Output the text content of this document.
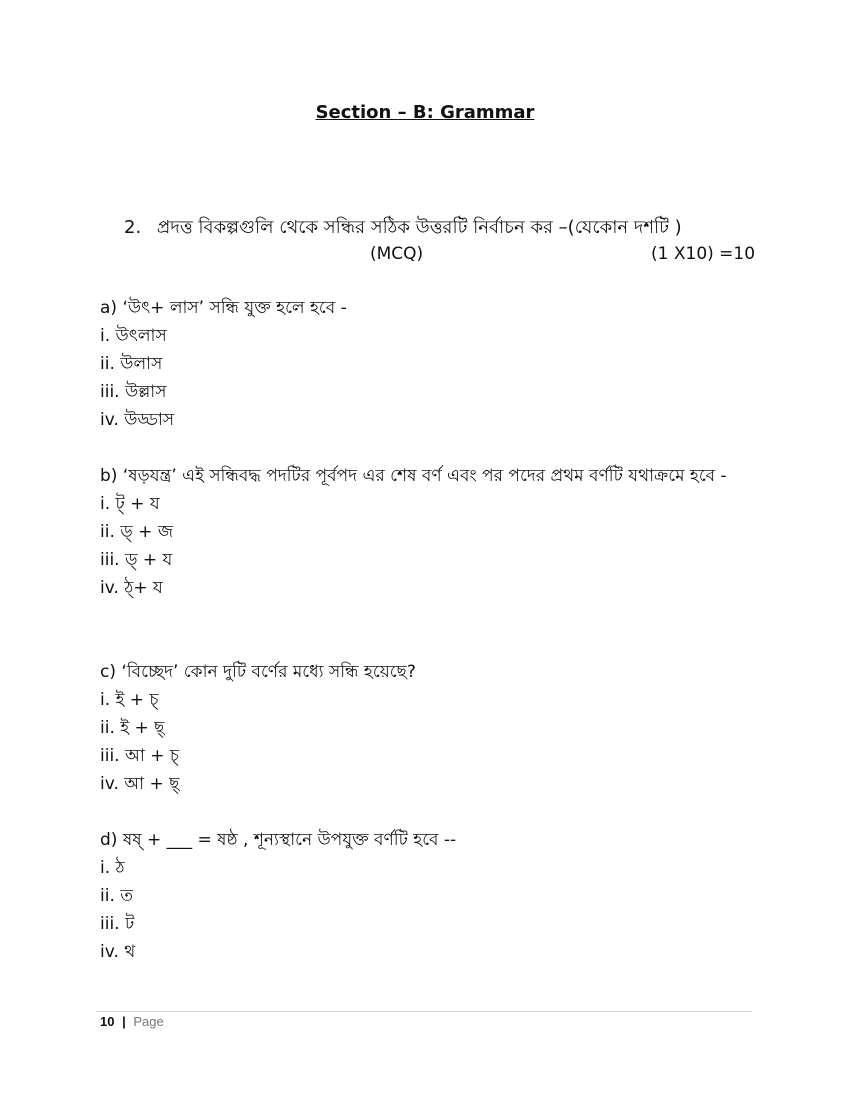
Section – B: Grammar
2. প্রদত্ত বিকল্পগুলি থেকে সন্ধির সঠিক উত্তরটি নির্বাচন কর –(যেকোন দশটি )
(MCQ)	(1 X10) =10

a) ‘উৎ+ লাস’ সন্ধি যুক্ত হলে হবে -

i. উৎলাস

ii. উলাস

iii. উল্লাস

iv. উড্ডাস

b) ‘ষড়যন্ত্র’ এই সন্ধিবদ্ধ পদটির পূর্বপদ এর শেষ বর্ণ এবং পর পদের প্রথম বর্ণটি যথাক্রমে হবে -

i. ট্ + য

ii. ড্ + জ

iii. ড্ + য

iv. ঠ্+ য

c) ‘বিচ্ছেদ’ কোন দুটি বর্ণের মধ্যে সন্ধি হয়েছে?

i. ই + চ্

ii. ই + ছ্

iii. আ + চ্

iv. আ + ছ্

d) ষষ্ + ___ = ষষ্ঠ , শূন্যস্থানে উপযুক্ত বর্ণটি হবে --

i. ঠ

ii. ত

iii. ট

iv. থ

10 | Page
